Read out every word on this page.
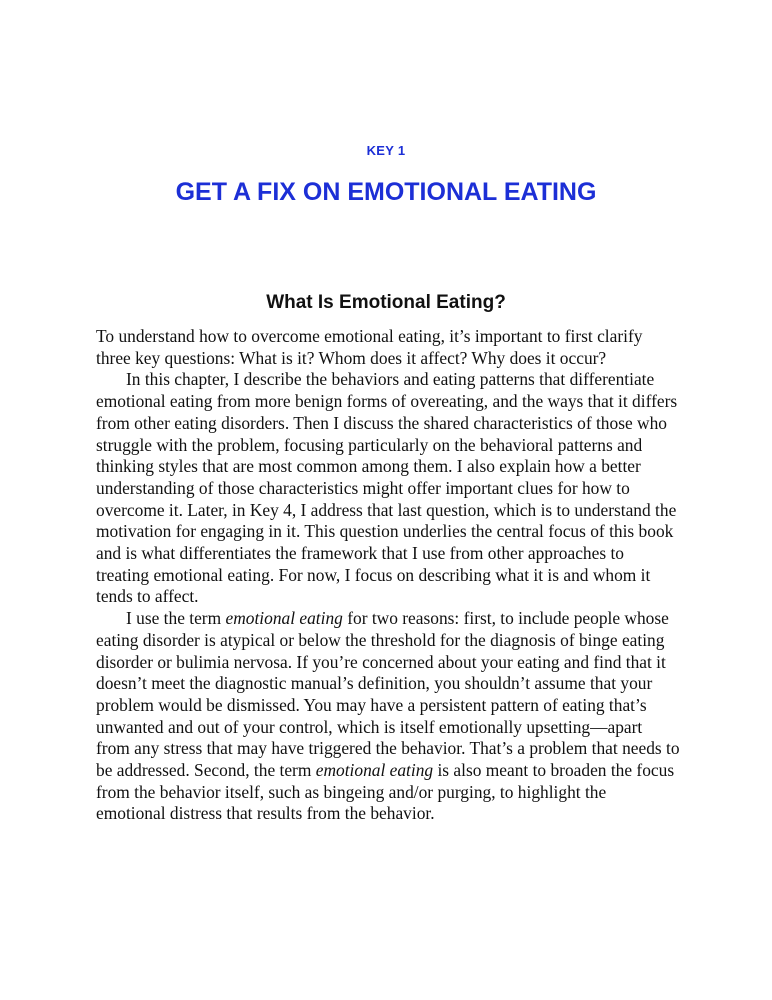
KEY 1
GET A FIX ON EMOTIONAL EATING
What Is Emotional Eating?

To understand how to overcome emotional eating, it’s important to first clarify three key questions: What is it? Whom does it affect? Why does it occur?

In this chapter, I describe the behaviors and eating patterns that differentiate emotional eating from more benign forms of overeating, and the ways that it differs from other eating disorders. Then I discuss the shared characteristics of those who struggle with the problem, focusing particularly on the behavioral patterns and thinking styles that are most common among them. I also explain how a better understanding of those characteristics might offer important clues for how to overcome it. Later, in Key 4, I address that last question, which is to understand the motivation for engaging in it. This question underlies the central focus of this book and is what differentiates the framework that I use from other approaches to treating emotional eating. For now, I focus on describing what it is and whom it tends to affect.

I use the term emotional eating for two reasons: first, to include people whose eating disorder is atypical or below the threshold for the diagnosis of binge eating disorder or bulimia nervosa. If you’re concerned about your eating and find that it doesn’t meet the diagnostic manual’s definition, you shouldn’t assume that your problem would be dismissed. You may have a persistent pattern of eating that’s unwanted and out of your control, which is itself emotionally upsetting—apart from any stress that may have triggered the behavior. That’s a problem that needs to be addressed. Second, the term emotional eating is also meant to broaden the focus from the behavior itself, such as bingeing and/or purging, to highlight the emotional distress that results from the behavior.
